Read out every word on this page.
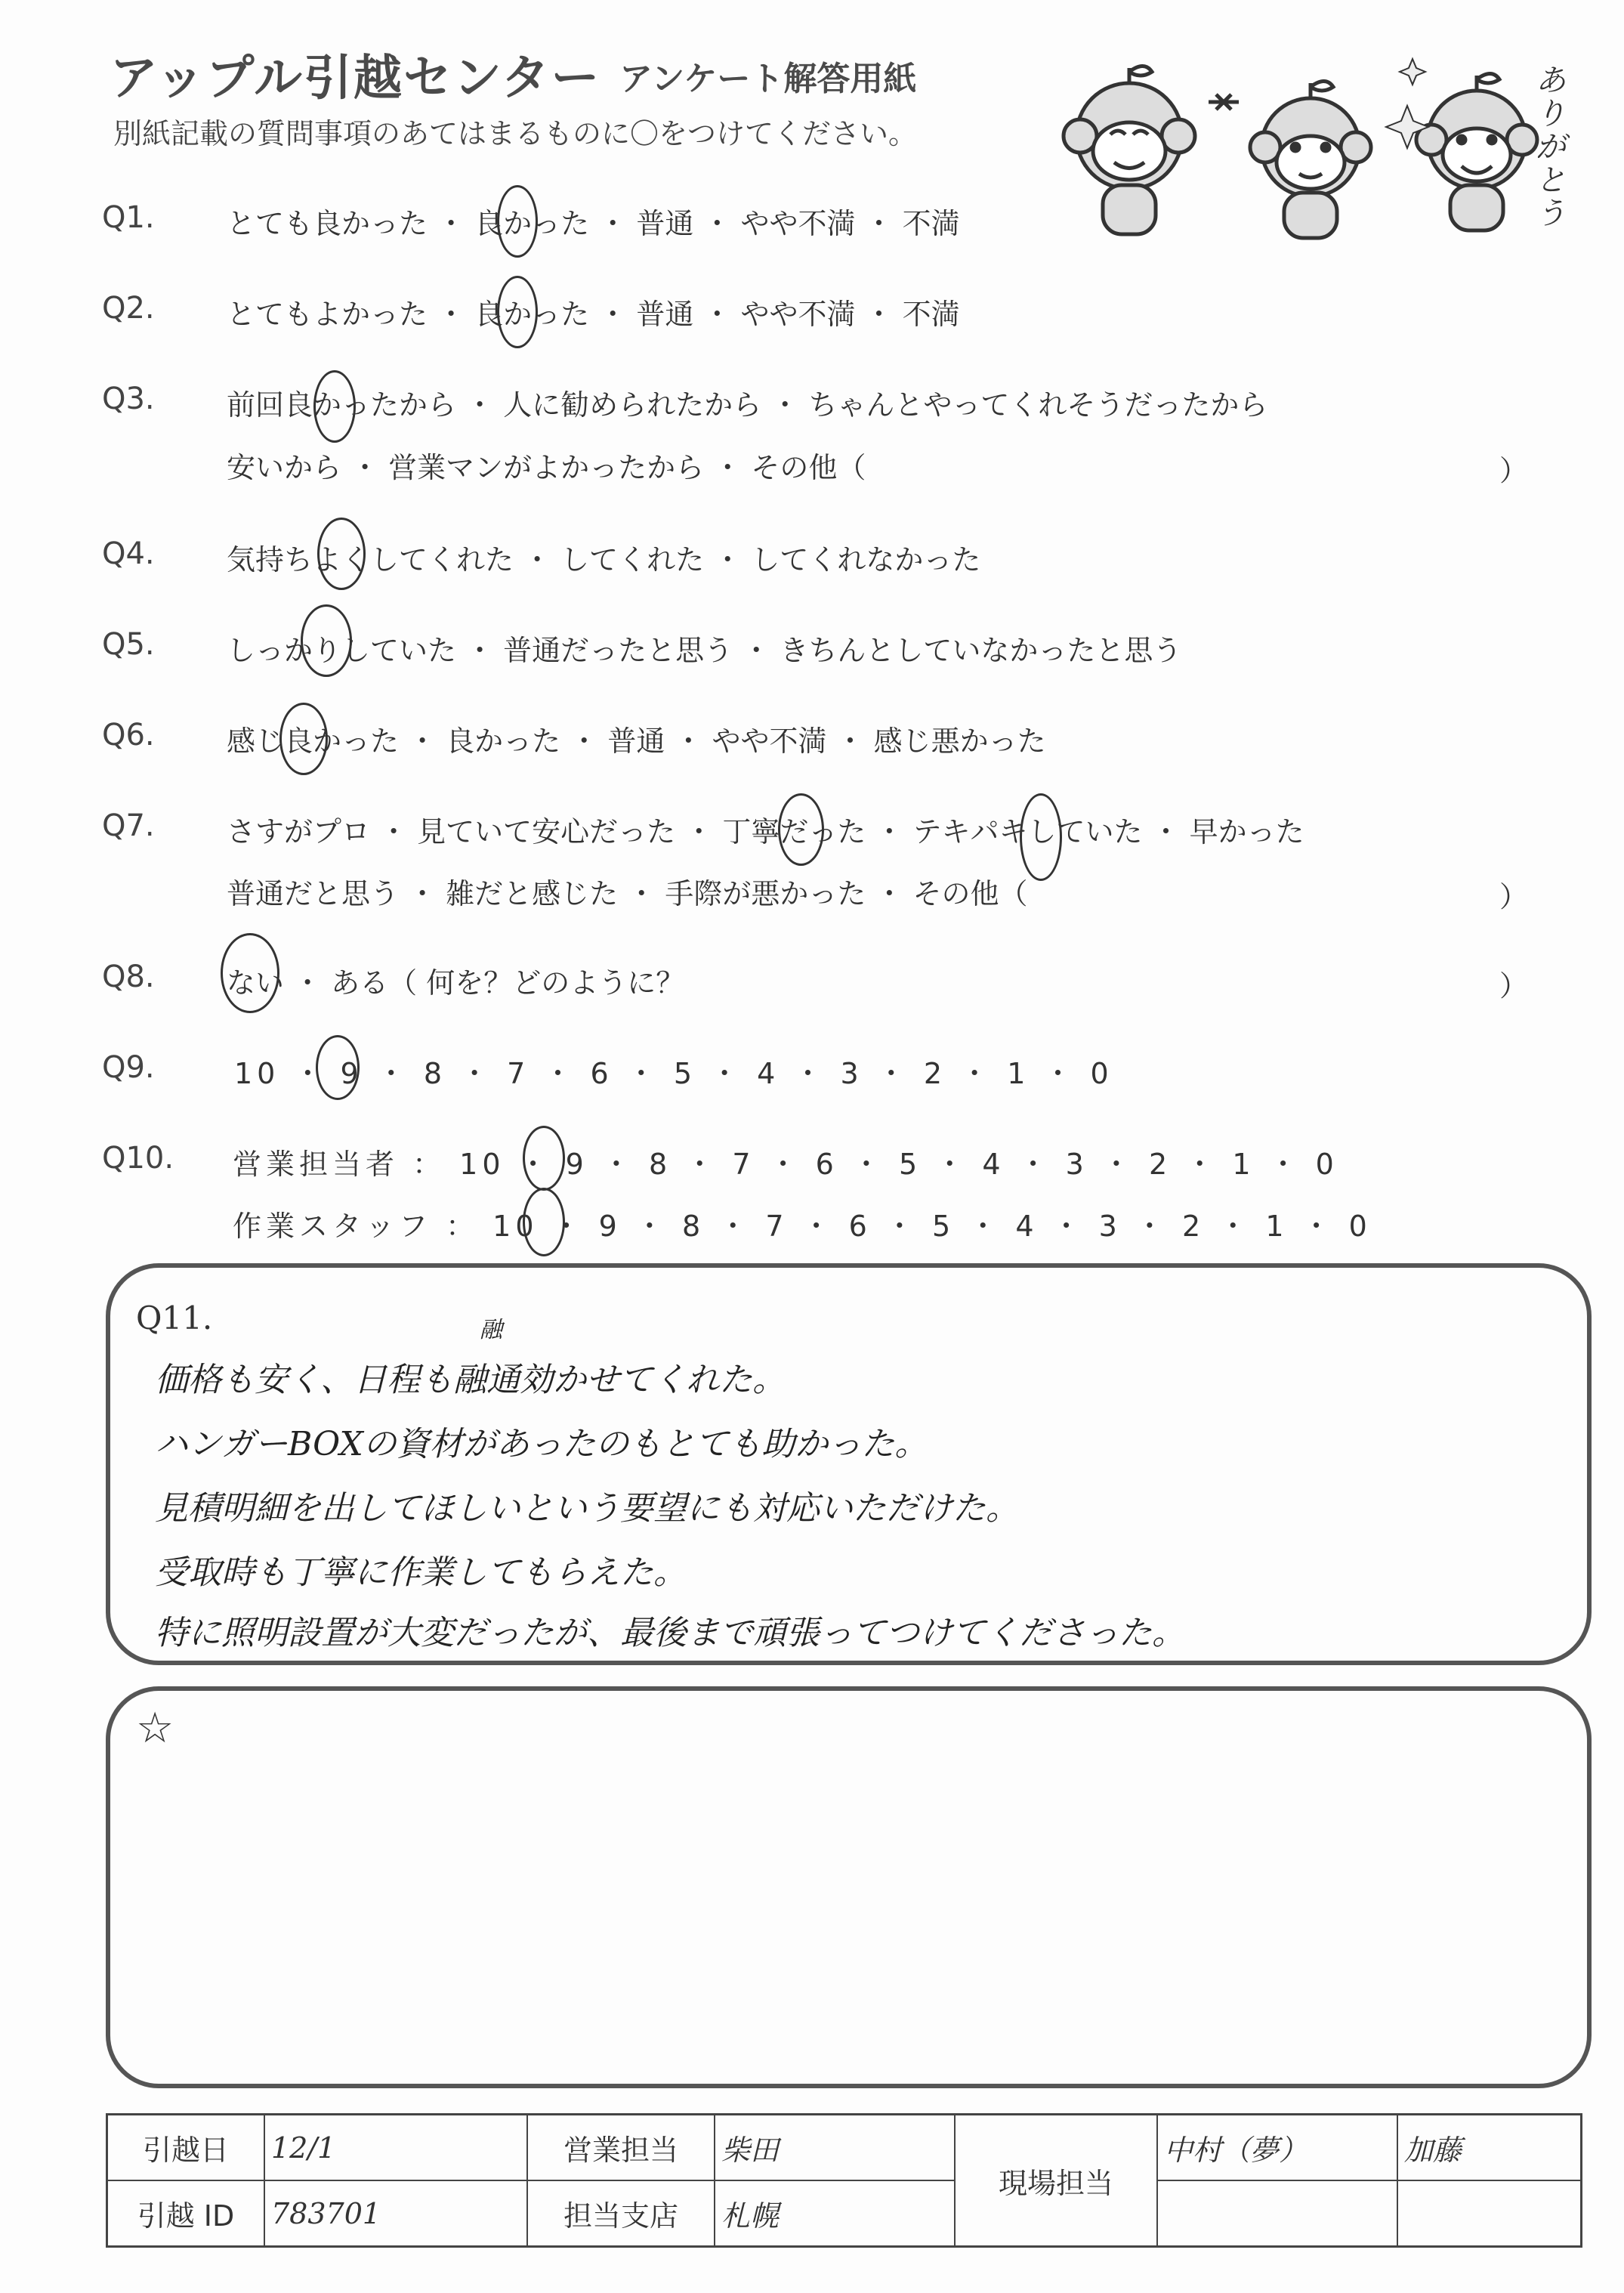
アップル引越センター アンケート解答用紙
別紙記載の質問事項のあてはまるものに〇をつけてください。
ありがとう
Q1.	とても良かった ・ 良かった ・ 普通 ・ やや不満 ・ 不満
Q2.	とてもよかった ・ 良かった ・ 普通 ・ やや不満 ・ 不満
Q3.	前回良かったから ・ 人に勧められたから ・ ちゃんとやってくれそうだったから
安いから ・ 営業マンがよかったから ・ その他（	）
Q4.	気持ちよくしてくれた ・ してくれた ・ してくれなかった
Q5.	しっかりしていた ・ 普通だったと思う ・ きちんとしていなかったと思う
Q6.	感じ良かった ・ 良かった ・ 普通 ・ やや不満 ・ 感じ悪かった
Q7.	さすがプロ ・ 見ていて安心だった ・ 丁寧だった ・ テキパキしていた ・ 早かった
普通だと思う ・ 雑だと感じた ・ 手際が悪かった ・ その他（	）
Q8.	ない ・ ある（ 何を？どのように？	）
Q9.	10 ・ 9 ・ 8 ・ 7 ・ 6 ・ 5 ・ 4 ・ 3 ・ 2 ・ 1 ・ 0
Q10. 営業担当者 ： 10 ・ 9 ・ 8 ・ 7 ・ 6 ・ 5 ・ 4 ・ 3 ・ 2 ・ 1 ・ 0
作業スタッフ ： 10 ・ 9 ・ 8 ・ 7 ・ 6 ・ 5 ・ 4 ・ 3 ・ 2 ・ 1 ・ 0
Q11.	融
価格も安く、日程も融通効かせてくれた。
ハンガーBOXの資材があったのもとても助かった。
見積明細を出してほしいという要望にも対応いただけた。
受取時も丁寧に作業してもらえた。
特に照明設置が大変だったが、最後まで頑張ってつけてくださった。
☆
引越日	12/1	営業担当	柴田	現場担当	中村（夢）	加藤
引越 ID	783701	担当支店	札幌			
